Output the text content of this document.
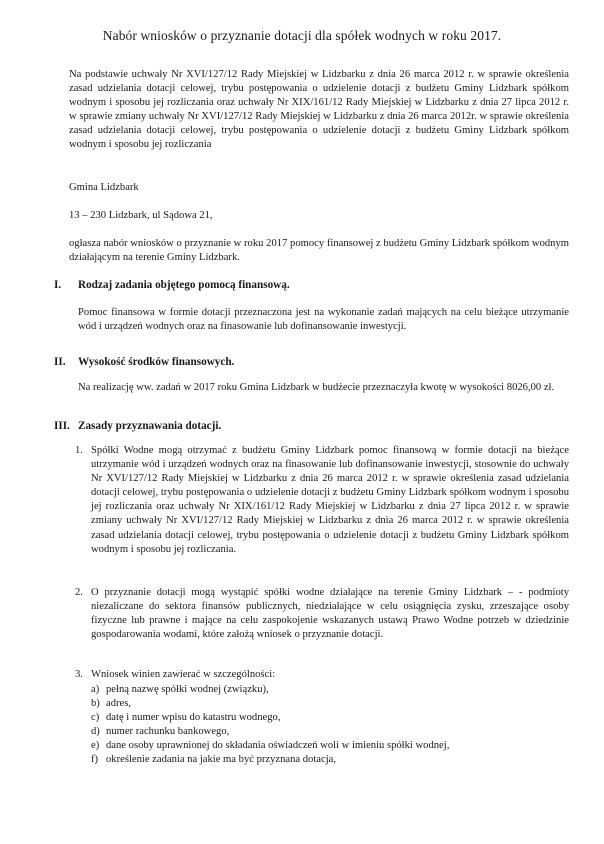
Nabór wniosków o przyznanie dotacji dla spółek wodnych w roku 2017.
Na podstawie uchwały Nr XVI/127/12 Rady Miejskiej w Lidzbarku z dnia 26 marca 2012 r. w sprawie określenia zasad udzielania dotacji celowej, trybu postępowania o udzielenie dotacji z budżetu Gminy Lidzbark spółkom wodnym i sposobu jej rozliczania oraz uchwały Nr XIX/161/12 Rady Miejskiej w Lidzbarku z dnia 27 lipca 2012 r. w sprawie zmiany uchwały Nr XVI/127/12 Rady Miejskiej w Lidzbarku z dnia 26 marca 2012r. w sprawie określenia zasad udzielania dotacji celowej, trybu postępowania o udzielenie dotacji z budżetu Gminy Lidzbark spółkom wodnym i sposobu jej rozliczania
Gmina Lidzbark
13 – 230 Lidzbark, ul Sądowa 21,
ogłasza nabór wniosków o przyznanie w roku 2017 pomocy finansowej z budżetu Gminy Lidzbark spółkom wodnym działającym na terenie Gminy Lidzbark.
I. Rodzaj zadania objętego pomocą finansową.
Pomoc finansowa w formie dotacji przeznaczona jest na wykonanie zadań mających na celu bieżące utrzymanie wód i urządzeń wodnych oraz na finasowanie lub dofinansowanie inwestycji.
II. Wysokość środków finansowych.
Na realizację ww. zadań w 2017 roku Gmina Lidzbark w budżecie przeznaczyła kwotę w wysokości 8026,00 zł.
III. Zasady przyznawania dotacji.
1. Spółki Wodne mogą otrzymać z budżetu Gminy Lidzbark pomoc finansową w formie dotacji na bieżące utrzymanie wód i urządzeń wodnych oraz na finasowanie lub dofinansowanie inwestycji, stosownie do uchwały Nr XVI/127/12 Rady Miejskiej w Lidzbarku z dnia 26 marca 2012 r. w sprawie określenia zasad udzielania dotacji celowej, trybu postępowania o udzielenie dotacji z budżetu Gminy Lidzbark spółkom wodnym i sposobu jej rozliczania oraz uchwały Nr XIX/161/12 Rady Miejskiej w Lidzbarku z dnia 27 lipca 2012 r. w sprawie zmiany uchwały Nr XVI/127/12 Rady Miejskiej w Lidzbarku z dnia 26 marca 2012 r. w sprawie określenia zasad udzielania dotacji celowej, trybu postępowania o udzielenie dotacji z budżetu Gminy Lidzbark spółkom wodnym i sposobu jej rozliczania.
2. O przyznanie dotacji mogą wystąpić spółki wodne działające na terenie Gminy Lidzbark – - podmioty niezaliczane do sektora finansów publicznych, niedziałające w celu osiągnięcia zysku, zrzeszające osoby fizyczne lub prawne i mające na celu zaspokojenie wskazanych ustawą Prawo Wodne potrzeb w dziedzinie gospodarowania wodami, które założą wniosek o przyznanie dotacji.
3. Wniosek winien zawierać w szczególności:
a) pełną nazwę spółki wodnej (związku),
b) adres,
c) datę i numer wpisu do katastru wodnego,
d) numer rachunku bankowego,
e) dane osoby uprawnionej do składania oświadczeń woli w imieniu spółki wodnej,
f) określenie zadania na jakie ma być przyznana dotacja,
